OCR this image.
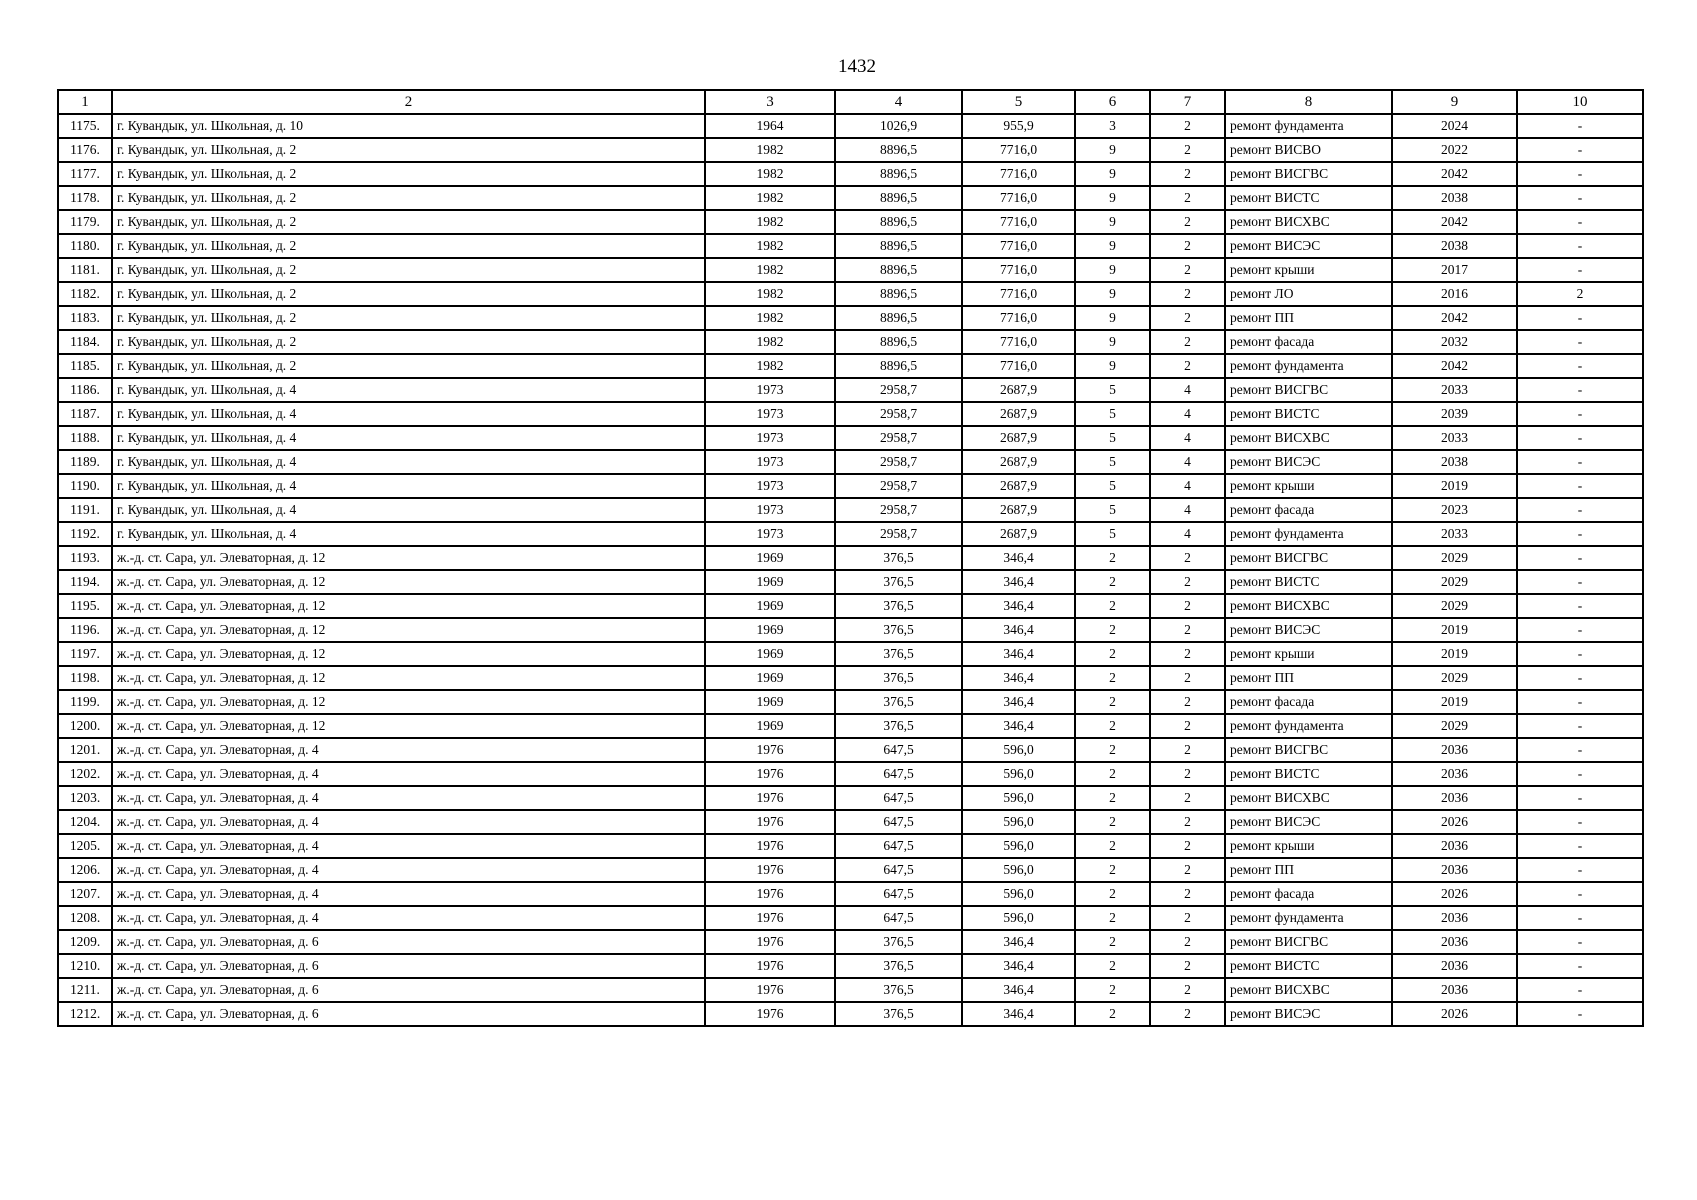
1432
1	2	3	4	5	6	7	8	9	10
1175.	г. Кувандык, ул. Школьная, д. 10	1964	1026,9	955,9	3	2	ремонт фундамента	2024	-
1176.	г. Кувандык, ул. Школьная, д. 2	1982	8896,5	7716,0	9	2	ремонт ВИСВО	2022	-
1177.	г. Кувандык, ул. Школьная, д. 2	1982	8896,5	7716,0	9	2	ремонт ВИСГВС	2042	-
1178.	г. Кувандык, ул. Школьная, д. 2	1982	8896,5	7716,0	9	2	ремонт ВИСТС	2038	-
1179.	г. Кувандык, ул. Школьная, д. 2	1982	8896,5	7716,0	9	2	ремонт ВИСХВС	2042	-
1180.	г. Кувандык, ул. Школьная, д. 2	1982	8896,5	7716,0	9	2	ремонт ВИСЭС	2038	-
1181.	г. Кувандык, ул. Школьная, д. 2	1982	8896,5	7716,0	9	2	ремонт крыши	2017	-
1182.	г. Кувандык, ул. Школьная, д. 2	1982	8896,5	7716,0	9	2	ремонт ЛО	2016	2
1183.	г. Кувандык, ул. Школьная, д. 2	1982	8896,5	7716,0	9	2	ремонт ПП	2042	-
1184.	г. Кувандык, ул. Школьная, д. 2	1982	8896,5	7716,0	9	2	ремонт фасада	2032	-
1185.	г. Кувандык, ул. Школьная, д. 2	1982	8896,5	7716,0	9	2	ремонт фундамента	2042	-
1186.	г. Кувандык, ул. Школьная, д. 4	1973	2958,7	2687,9	5	4	ремонт ВИСГВС	2033	-
1187.	г. Кувандык, ул. Школьная, д. 4	1973	2958,7	2687,9	5	4	ремонт ВИСТС	2039	-
1188.	г. Кувандык, ул. Школьная, д. 4	1973	2958,7	2687,9	5	4	ремонт ВИСХВС	2033	-
1189.	г. Кувандык, ул. Школьная, д. 4	1973	2958,7	2687,9	5	4	ремонт ВИСЭС	2038	-
1190.	г. Кувандык, ул. Школьная, д. 4	1973	2958,7	2687,9	5	4	ремонт крыши	2019	-
1191.	г. Кувандык, ул. Школьная, д. 4	1973	2958,7	2687,9	5	4	ремонт фасада	2023	-
1192.	г. Кувандык, ул. Школьная, д. 4	1973	2958,7	2687,9	5	4	ремонт фундамента	2033	-
1193.	ж.-д. ст. Сара, ул. Элеваторная, д. 12	1969	376,5	346,4	2	2	ремонт ВИСГВС	2029	-
1194.	ж.-д. ст. Сара, ул. Элеваторная, д. 12	1969	376,5	346,4	2	2	ремонт ВИСТС	2029	-
1195.	ж.-д. ст. Сара, ул. Элеваторная, д. 12	1969	376,5	346,4	2	2	ремонт ВИСХВС	2029	-
1196.	ж.-д. ст. Сара, ул. Элеваторная, д. 12	1969	376,5	346,4	2	2	ремонт ВИСЭС	2019	-
1197.	ж.-д. ст. Сара, ул. Элеваторная, д. 12	1969	376,5	346,4	2	2	ремонт крыши	2019	-
1198.	ж.-д. ст. Сара, ул. Элеваторная, д. 12	1969	376,5	346,4	2	2	ремонт ПП	2029	-
1199.	ж.-д. ст. Сара, ул. Элеваторная, д. 12	1969	376,5	346,4	2	2	ремонт фасада	2019	-
1200.	ж.-д. ст. Сара, ул. Элеваторная, д. 12	1969	376,5	346,4	2	2	ремонт фундамента	2029	-
1201.	ж.-д. ст. Сара, ул. Элеваторная, д. 4	1976	647,5	596,0	2	2	ремонт ВИСГВС	2036	-
1202.	ж.-д. ст. Сара, ул. Элеваторная, д. 4	1976	647,5	596,0	2	2	ремонт ВИСТС	2036	-
1203.	ж.-д. ст. Сара, ул. Элеваторная, д. 4	1976	647,5	596,0	2	2	ремонт ВИСХВС	2036	-
1204.	ж.-д. ст. Сара, ул. Элеваторная, д. 4	1976	647,5	596,0	2	2	ремонт ВИСЭС	2026	-
1205.	ж.-д. ст. Сара, ул. Элеваторная, д. 4	1976	647,5	596,0	2	2	ремонт крыши	2036	-
1206.	ж.-д. ст. Сара, ул. Элеваторная, д. 4	1976	647,5	596,0	2	2	ремонт ПП	2036	-
1207.	ж.-д. ст. Сара, ул. Элеваторная, д. 4	1976	647,5	596,0	2	2	ремонт фасада	2026	-
1208.	ж.-д. ст. Сара, ул. Элеваторная, д. 4	1976	647,5	596,0	2	2	ремонт фундамента	2036	-
1209.	ж.-д. ст. Сара, ул. Элеваторная, д. 6	1976	376,5	346,4	2	2	ремонт ВИСГВС	2036	-
1210.	ж.-д. ст. Сара, ул. Элеваторная, д. 6	1976	376,5	346,4	2	2	ремонт ВИСТС	2036	-
1211.	ж.-д. ст. Сара, ул. Элеваторная, д. 6	1976	376,5	346,4	2	2	ремонт ВИСХВС	2036	-
1212.	ж.-д. ст. Сара, ул. Элеваторная, д. 6	1976	376,5	346,4	2	2	ремонт ВИСЭС	2026	-
